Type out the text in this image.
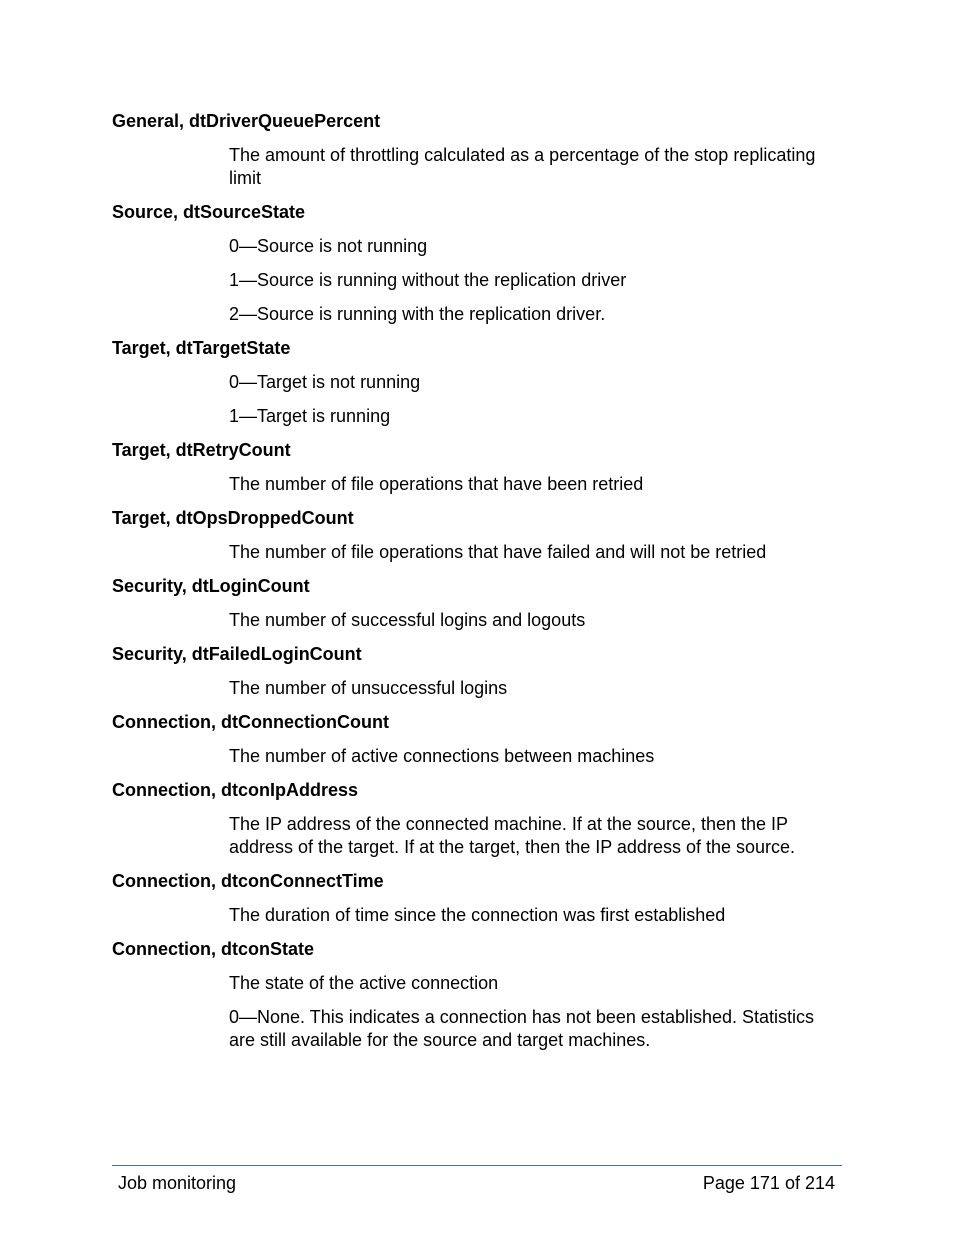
General, dtDriverQueuePercent

The amount of throttling calculated as a percentage of the stop replicating limit

Source, dtSourceState

0—Source is not running

1—Source is running without the replication driver

2—Source is running with the replication driver.

Target, dtTargetState

0—Target is not running

1—Target is running

Target, dtRetryCount

The number of file operations that have been retried

Target, dtOpsDroppedCount

The number of file operations that have failed and will not be retried

Security, dtLoginCount

The number of successful logins and logouts

Security, dtFailedLoginCount

The number of unsuccessful logins

Connection, dtConnectionCount

The number of active connections between machines

Connection, dtconIpAddress

The IP address of the connected machine. If at the source, then the IP address of the target. If at the target, then the IP address of the source.

Connection, dtconConnectTime

The duration of time since the connection was first established

Connection, dtconState

The state of the active connection

0—None. This indicates a connection has not been established. Statistics are still available for the source and target machines.

Job monitoring	Page 171 of 214
